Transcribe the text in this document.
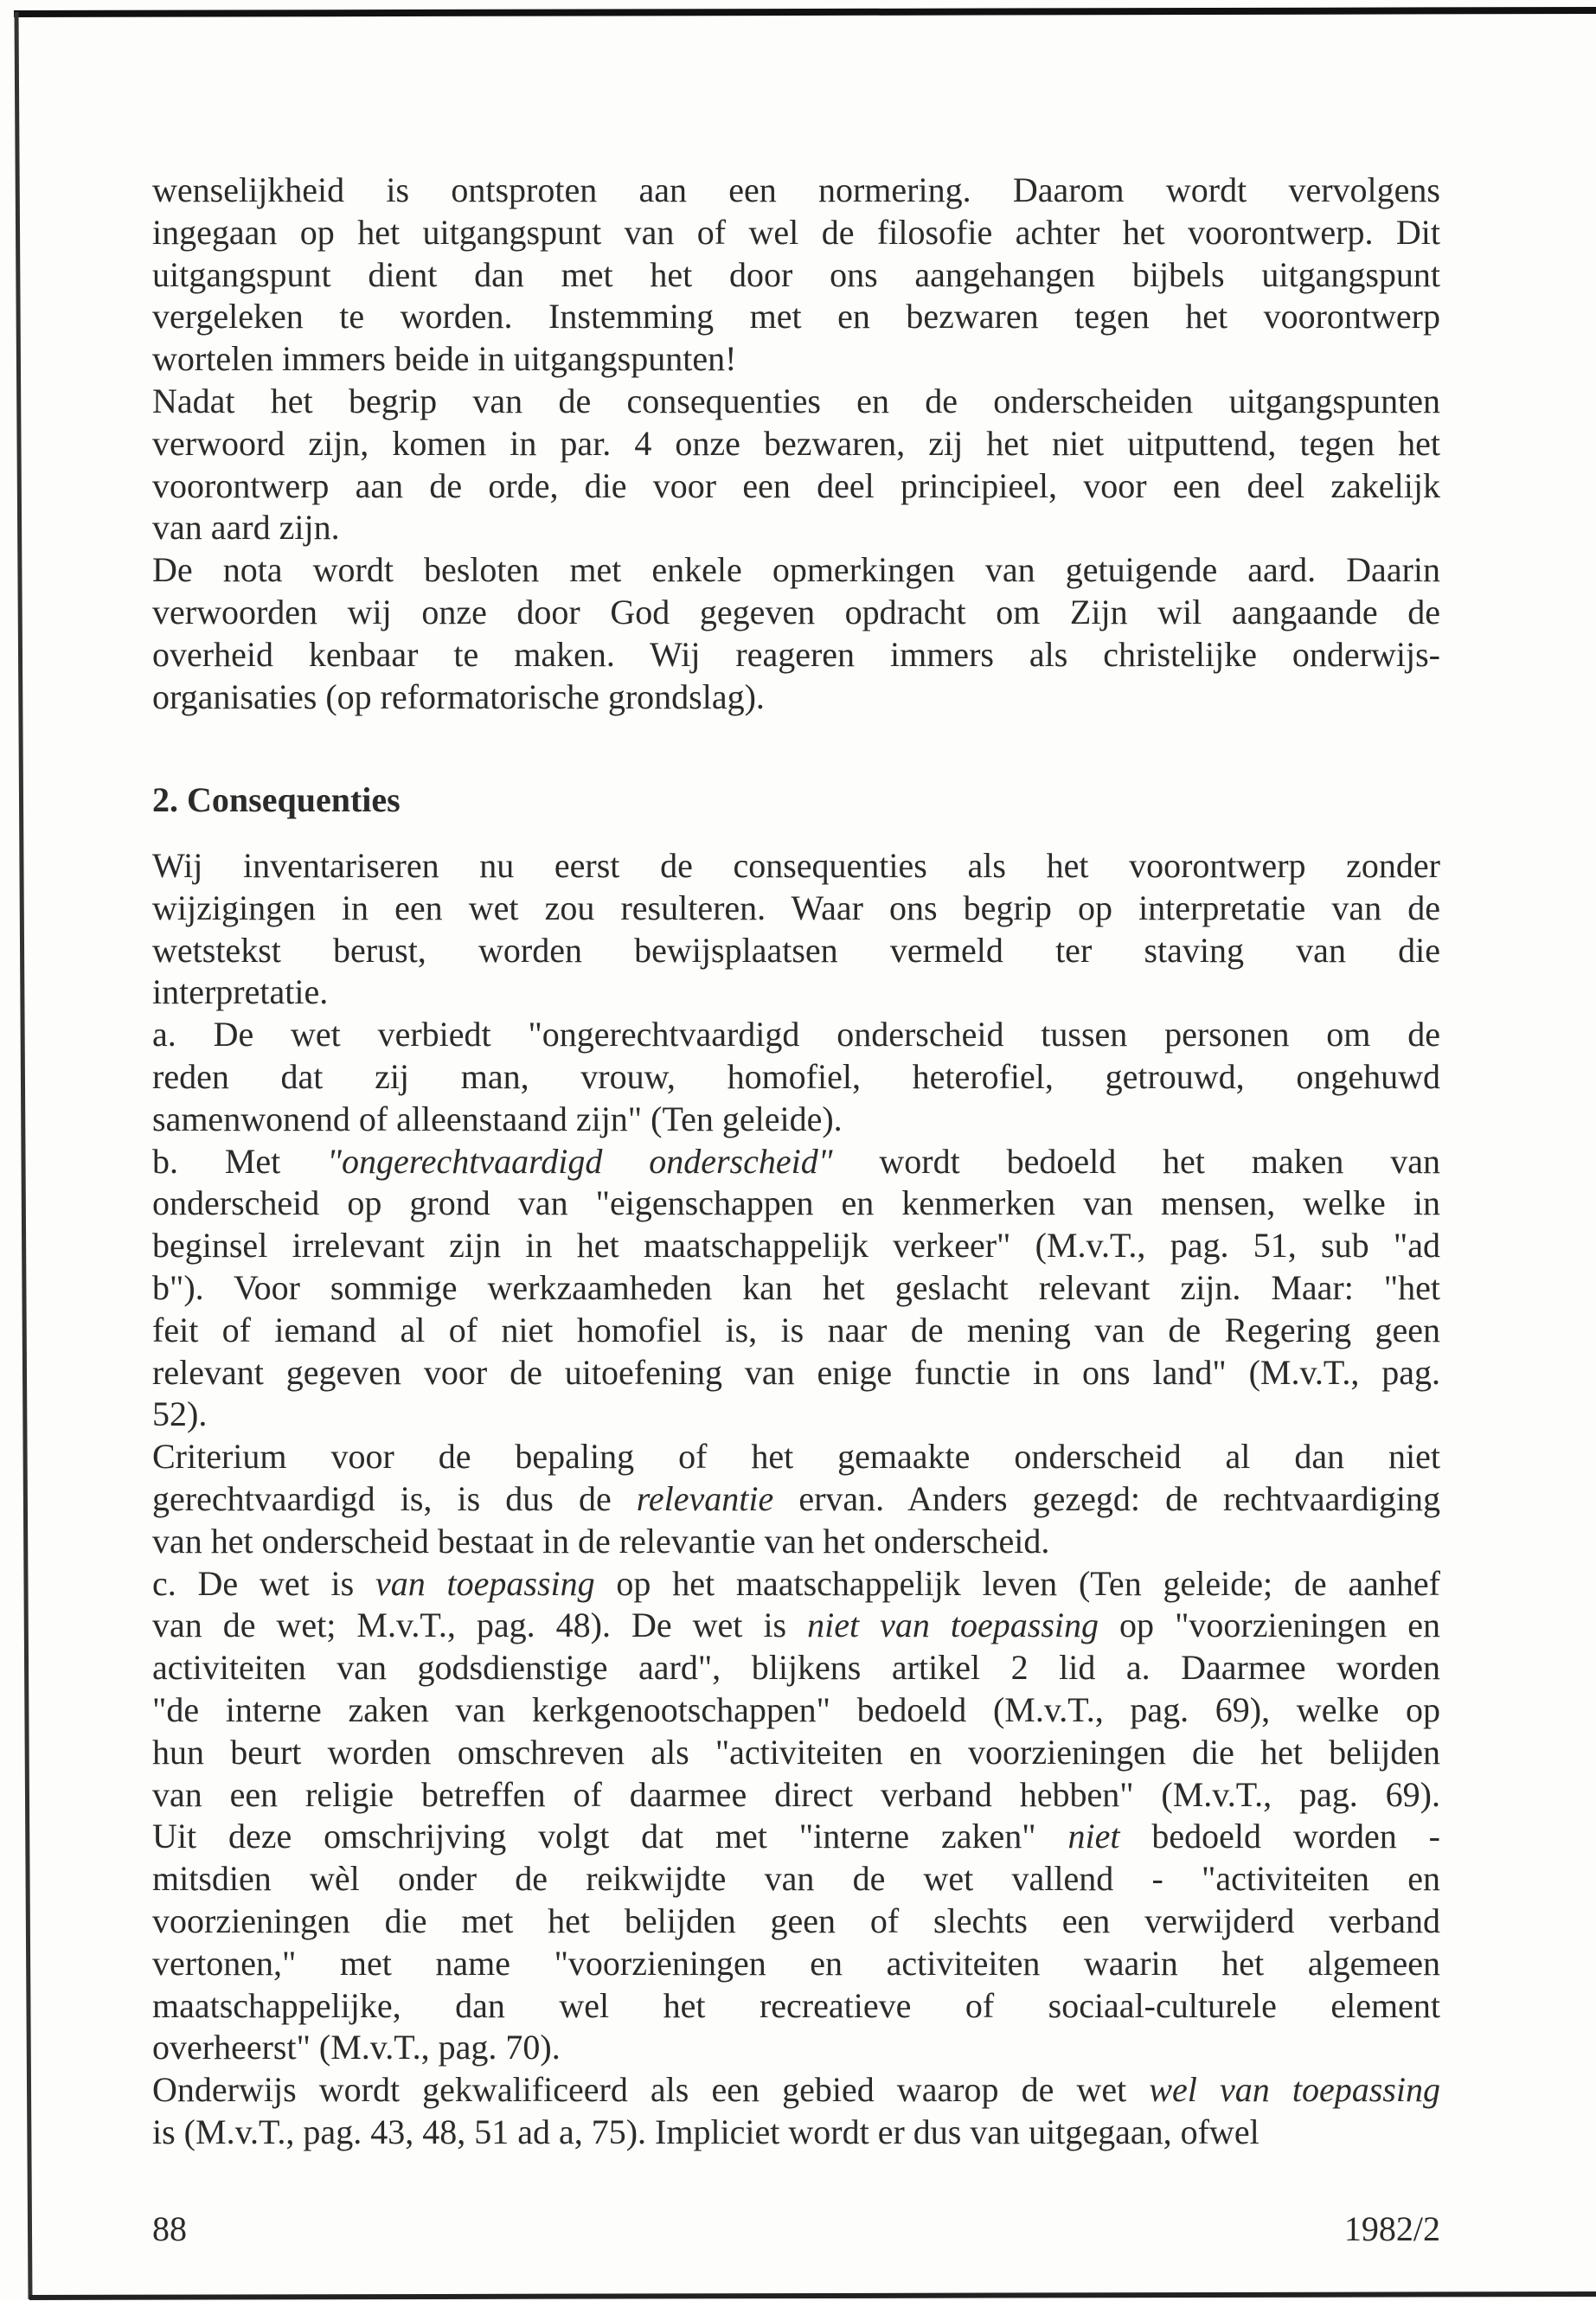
wenselijkheid is ontsproten aan een normering. Daarom wordt vervolgens
ingegaan op het uitgangspunt van of wel de filosofie achter het voorontwerp. Dit
uitgangspunt dient dan met het door ons aangehangen bijbels uitgangspunt
vergeleken te worden. Instemming met en bezwaren tegen het voorontwerp
wortelen immers beide in uitgangspunten!
Nadat het begrip van de consequenties en de onderscheiden uitgangspunten
verwoord zijn, komen in par. 4 onze bezwaren, zij het niet uitputtend, tegen het
voorontwerp aan de orde, die voor een deel principieel, voor een deel zakelijk
van aard zijn.
De nota wordt besloten met enkele opmerkingen van getuigende aard. Daarin
verwoorden wij onze door God gegeven opdracht om Zijn wil aangaande de
overheid kenbaar te maken. Wij reageren immers als christelijke onderwijs-
organisaties (op reformatorische grondslag).
2. Consequenties
Wij inventariseren nu eerst de consequenties als het voorontwerp zonder
wijzigingen in een wet zou resulteren. Waar ons begrip op interpretatie van de
wetstekst berust, worden bewijsplaatsen vermeld ter staving van die
interpretatie.
a. De wet verbiedt "ongerechtvaardigd onderscheid tussen personen om de
reden dat zij man, vrouw, homofiel, heterofiel, getrouwd, ongehuwd
samenwonend of alleenstaand zijn" (Ten geleide).
b. Met "ongerechtvaardigd onderscheid" wordt bedoeld het maken van
onderscheid op grond van "eigenschappen en kenmerken van mensen, welke in
beginsel irrelevant zijn in het maatschappelijk verkeer" (M.v.T., pag. 51, sub "ad
b"). Voor sommige werkzaamheden kan het geslacht relevant zijn. Maar: "het
feit of iemand al of niet homofiel is, is naar de mening van de Regering geen
relevant gegeven voor de uitoefening van enige functie in ons land" (M.v.T., pag.
52).
Criterium voor de bepaling of het gemaakte onderscheid al dan niet
gerechtvaardigd is, is dus de relevantie ervan. Anders gezegd: de rechtvaardiging
van het onderscheid bestaat in de relevantie van het onderscheid.
c. De wet is van toepassing op het maatschappelijk leven (Ten geleide; de aanhef
van de wet; M.v.T., pag. 48). De wet is niet van toepassing op "voorzieningen en
activiteiten van godsdienstige aard", blijkens artikel 2 lid a. Daarmee worden
"de interne zaken van kerkgenootschappen" bedoeld (M.v.T., pag. 69), welke op
hun beurt worden omschreven als "activiteiten en voorzieningen die het belijden
van een religie betreffen of daarmee direct verband hebben" (M.v.T., pag. 69).
Uit deze omschrijving volgt dat met "interne zaken" niet bedoeld worden -
mitsdien wèl onder de reikwijdte van de wet vallend - "activiteiten en
voorzieningen die met het belijden geen of slechts een verwijderd verband
vertonen," met name "voorzieningen en activiteiten waarin het algemeen
maatschappelijke, dan wel het recreatieve of sociaal-culturele element
overheerst" (M.v.T., pag. 70).
Onderwijs wordt gekwalificeerd als een gebied waarop de wet wel van toepassing
is (M.v.T., pag. 43, 48, 51 ad a, 75). Impliciet wordt er dus van uitgegaan, ofwel
88	1982/2
